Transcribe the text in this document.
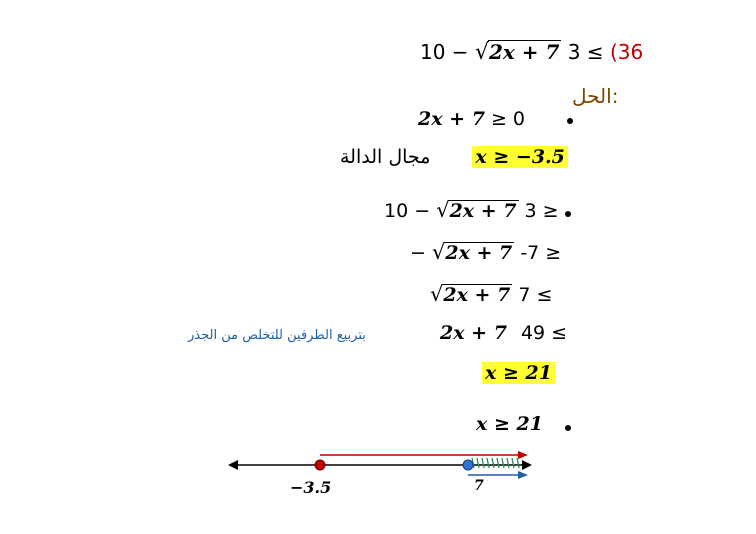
10 − √2x + 7 3 ≤ (36
الحل:
2x + 7 ≥ 0
مجال الدالة x ≥ −3.5
10 − √2x + 7 3 ≥
− √2x + 7 -7 ≥
√2x + 7 7 ≤
بتربيع الطرفين للتخلص من الجذر	2x + 7 49 ≤
x ≥ 21
x ≥ 21
−3.5	7
